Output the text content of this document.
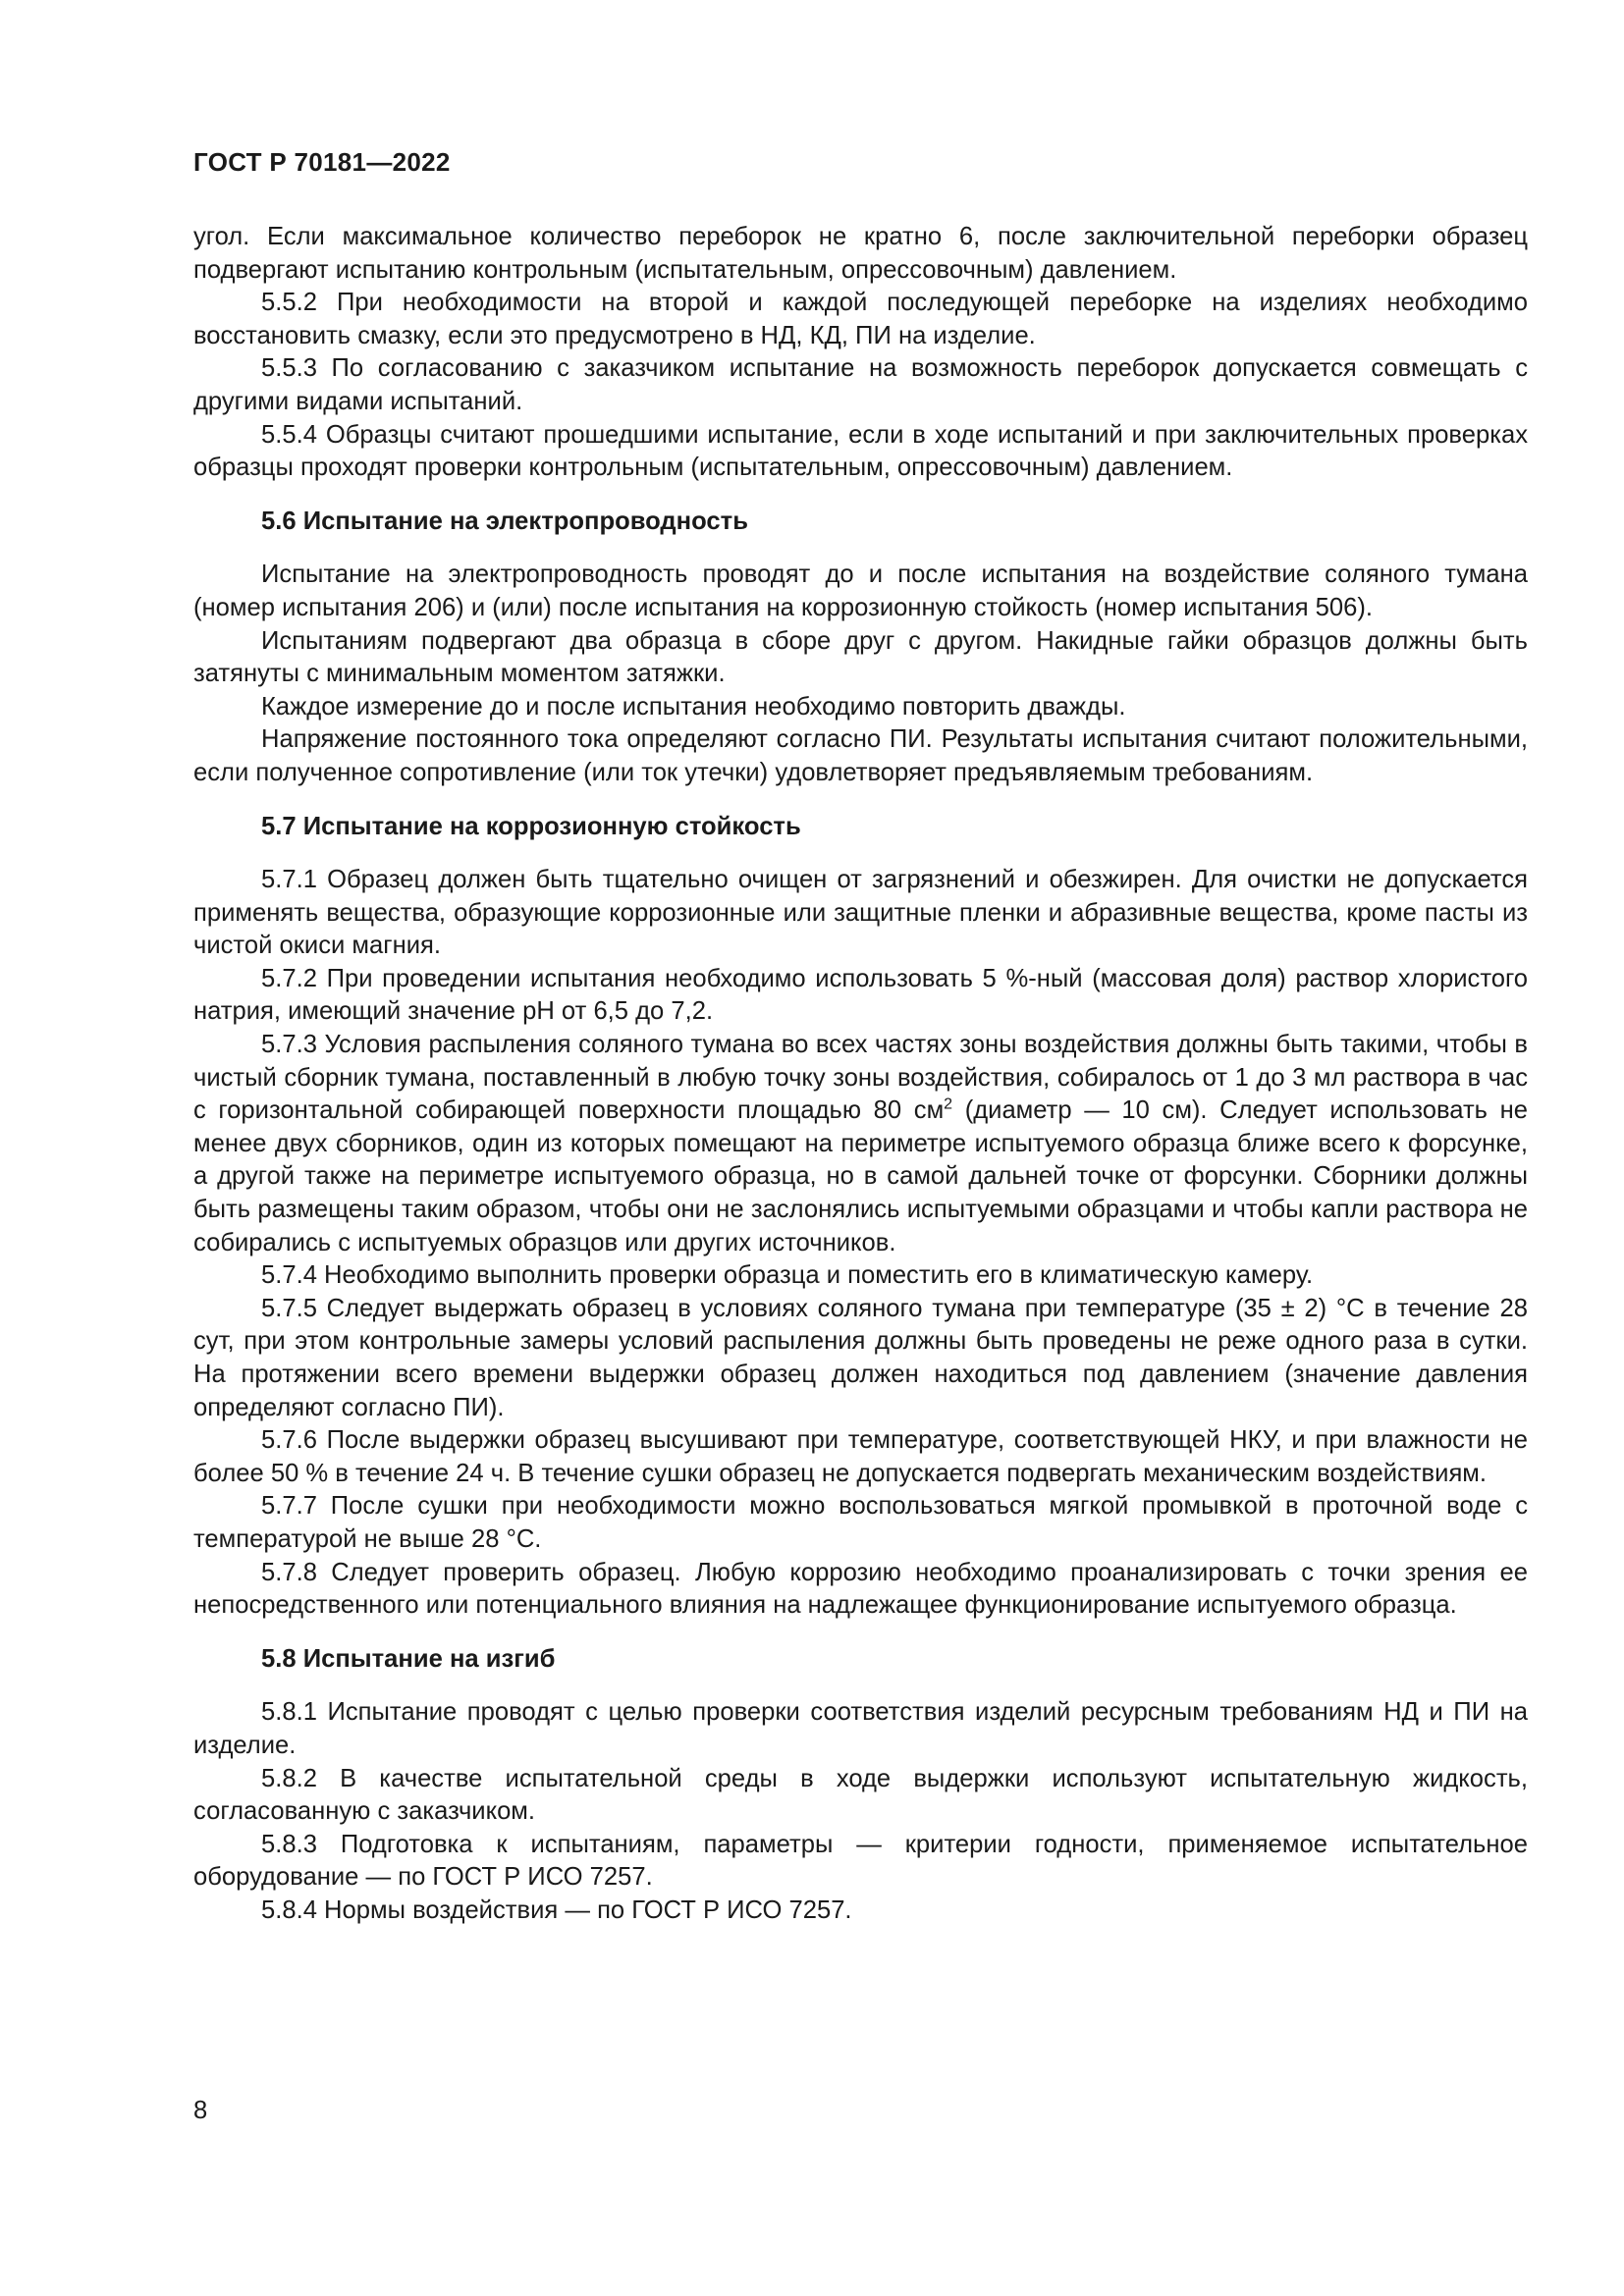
ГОСТ Р 70181—2022

угол. Если максимальное количество переборок не кратно 6, после заключительной переборки образец подвергают испытанию контрольным (испытательным, опрессовочным) давлением.

5.5.2 При необходимости на второй и каждой последующей переборке на изделиях необходимо восстановить смазку, если это предусмотрено в НД, КД, ПИ на изделие.

5.5.3 По согласованию с заказчиком испытание на возможность переборок допускается совмещать с другими видами испытаний.

5.5.4 Образцы считают прошедшими испытание, если в ходе испытаний и при заключительных проверках образцы проходят проверки контрольным (испытательным, опрессовочным) давлением.

5.6 Испытание на электропроводность

Испытание на электропроводность проводят до и после испытания на воздействие соляного тумана (номер испытания 206) и (или) после испытания на коррозионную стойкость (номер испытания 506).

Испытаниям подвергают два образца в сборе друг с другом. Накидные гайки образцов должны быть затянуты с минимальным моментом затяжки.

Каждое измерение до и после испытания необходимо повторить дважды.

Напряжение постоянного тока определяют согласно ПИ. Результаты испытания считают положительными, если полученное сопротивление (или ток утечки) удовлетворяет предъявляемым требованиям.

5.7 Испытание на коррозионную стойкость

5.7.1 Образец должен быть тщательно очищен от загрязнений и обезжирен. Для очистки не допускается применять вещества, образующие коррозионные или защитные пленки и абразивные вещества, кроме пасты из чистой окиси магния.

5.7.2 При проведении испытания необходимо использовать 5 %-ный (массовая доля) раствор хлористого натрия, имеющий значение pH от 6,5 до 7,2.

5.7.3 Условия распыления соляного тумана во всех частях зоны воздействия должны быть такими, чтобы в чистый сборник тумана, поставленный в любую точку зоны воздействия, собиралось от 1 до 3 мл раствора в час с горизонтальной собирающей поверхности площадью 80 $см^2$ (диаметр — 10 см). Следует использовать не менее двух сборников, один из которых помещают на периметре испытуемого образца ближе всего к форсунке, а другой также на периметре испытуемого образца, но в самой дальней точке от форсунки. Сборники должны быть размещены таким образом, чтобы они не заслонялись испытуемыми образцами и чтобы капли раствора не собирались с испытуемых образцов или других источников.

5.7.4 Необходимо выполнить проверки образца и поместить его в климатическую камеру.

5.7.5 Следует выдержать образец в условиях соляного тумана при температуре (35 ± 2) °С в течение 28 сут, при этом контрольные замеры условий распыления должны быть проведены не реже одного раза в сутки. На протяжении всего времени выдержки образец должен находиться под давлением (значение давления определяют согласно ПИ).

5.7.6 После выдержки образец высушивают при температуре, соответствующей НКУ, и при влажности не более 50 % в течение 24 ч. В течение сушки образец не допускается подвергать механическим воздействиям.

5.7.7 После сушки при необходимости можно воспользоваться мягкой промывкой в проточной воде с температурой не выше 28 °С.

5.7.8 Следует проверить образец. Любую коррозию необходимо проанализировать с точки зрения ее непосредственного или потенциального влияния на надлежащее функционирование испытуемого образца.

5.8 Испытание на изгиб

5.8.1 Испытание проводят с целью проверки соответствия изделий ресурсным требованиям НД и ПИ на изделие.

5.8.2 В качестве испытательной среды в ходе выдержки используют испытательную жидкость, согласованную с заказчиком.

5.8.3 Подготовка к испытаниям, параметры — критерии годности, применяемое испытательное оборудование — по ГОСТ Р ИСО 7257.

5.8.4 Нормы воздействия — по ГОСТ Р ИСО 7257.

8
